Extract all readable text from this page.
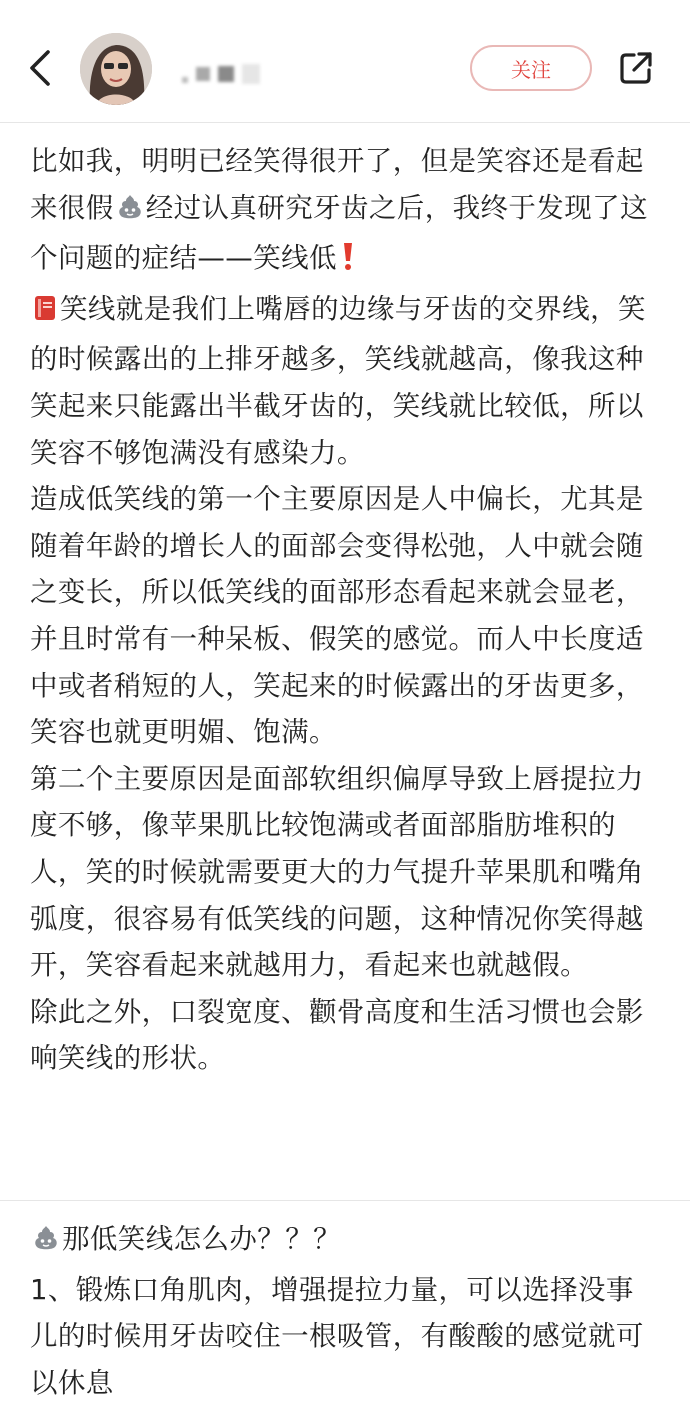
关注

比如我，明明已经笑得很开了，但是笑容还是看起来很假 经过认真研究牙齿之后，我终于发现了这个问题的症结——笑线低

笑线就是我们上嘴唇的边缘与牙齿的交界线，笑的时候露出的上排牙越多，笑线就越高，像我这种笑起来只能露出半截牙齿的，笑线就比较低，所以笑容不够饱满没有感染力。

造成低笑线的第一个主要原因是人中偏长，尤其是随着年龄的增长人的面部会变得松弛，人中就会随之变长，所以低笑线的面部形态看起来就会显老，并且时常有一种呆板、假笑的感觉。而人中长度适中或者稍短的人，笑起来的时候露出的牙齿更多，笑容也就更明媚、饱满。

第二个主要原因是面部软组织偏厚导致上唇提拉力度不够，像苹果肌比较饱满或者面部脂肪堆积的人，笑的时候就需要更大的力气提升苹果肌和嘴角弧度，很容易有低笑线的问题，这种情况你笑得越开，笑容看起来就越用力，看起来也就越假。

除此之外，口裂宽度、颧骨高度和生活习惯也会影响笑线的形状。

那低笑线怎么办？？？

1、锻炼口角肌肉，增强提拉力量，可以选择没事儿的时候用牙齿咬住一根吸管，有酸酸的感觉就可以休息
